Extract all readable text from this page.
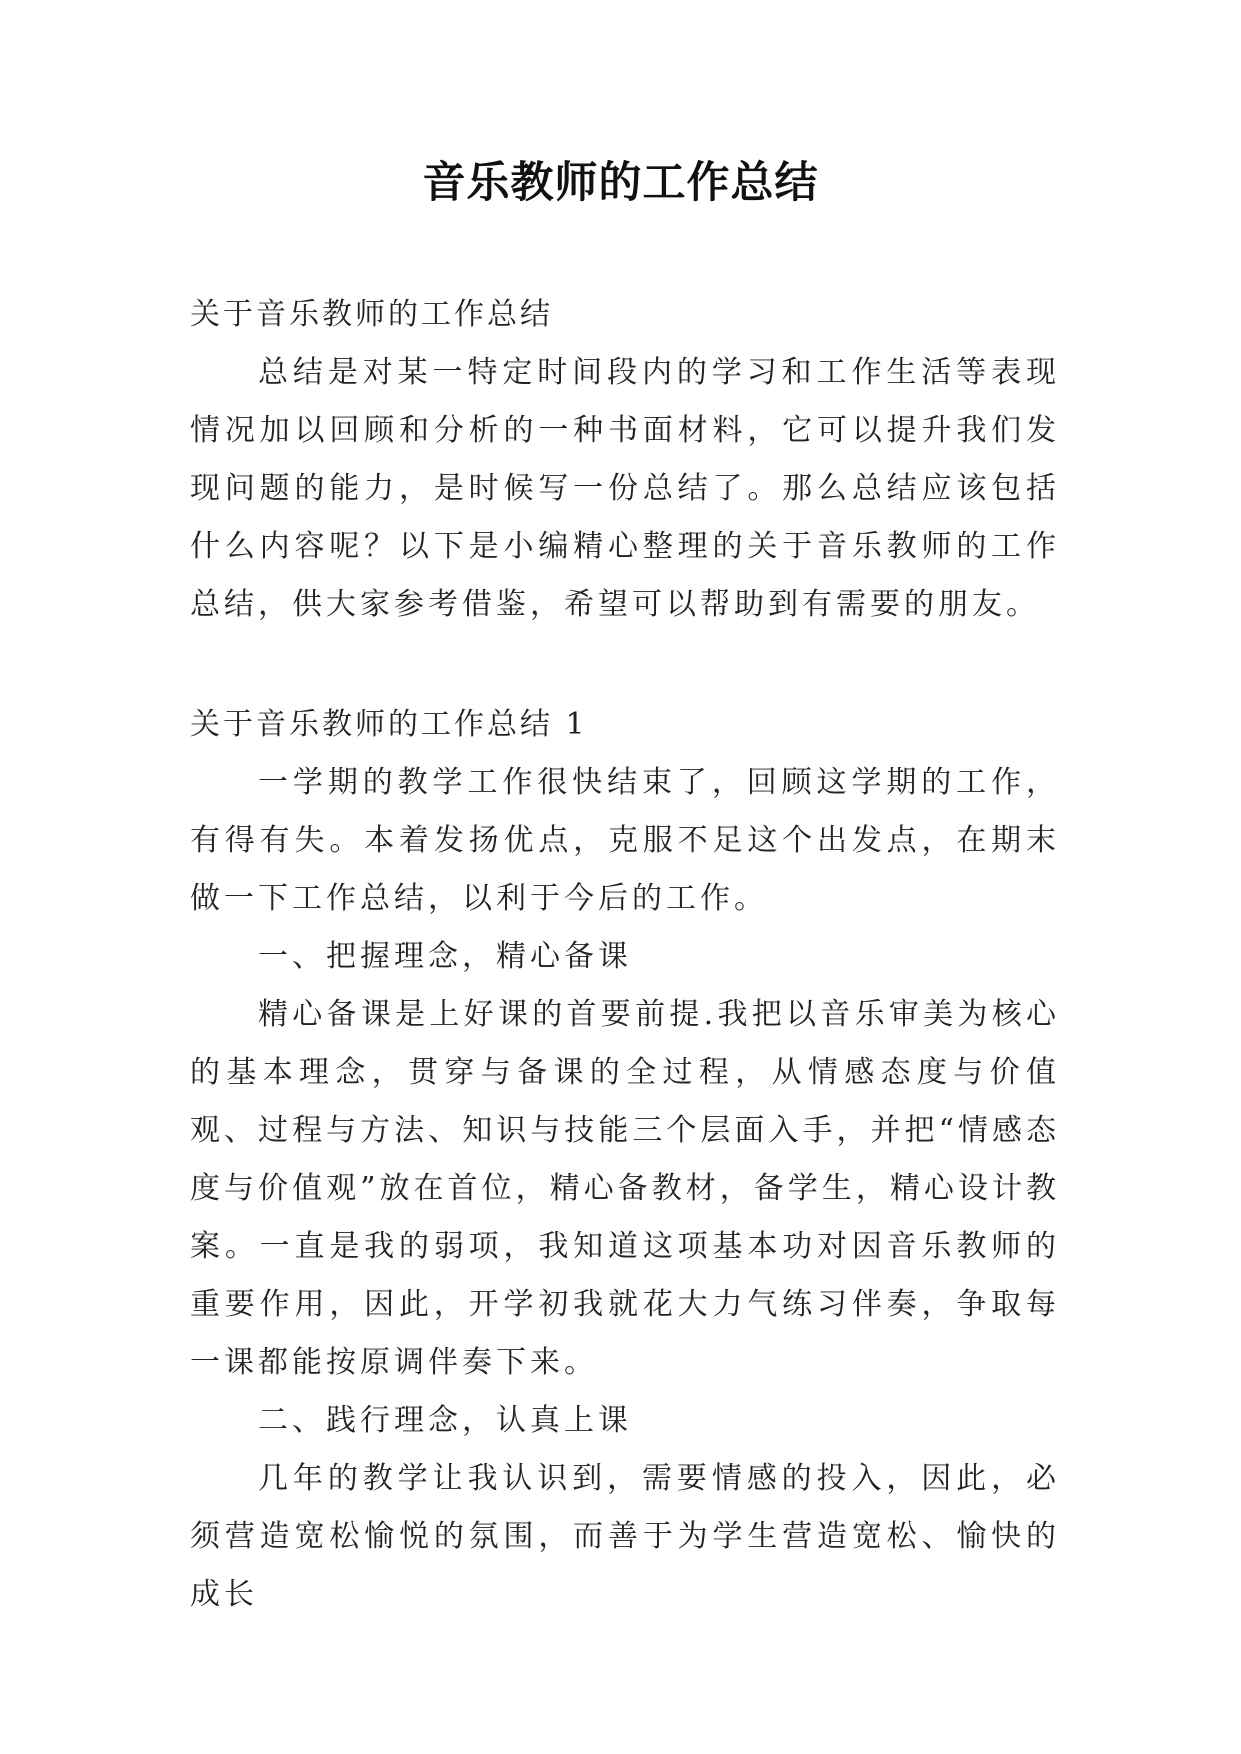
音乐教师的工作总结

关于音乐教师的工作总结

总结是对某一特定时间段内的学习和工作生活等表现情况加以回顾和分析的一种书面材料，它可以提升我们发现问题的能力，是时候写一份总结了。那么总结应该包括什么内容呢？以下是小编精心整理的关于音乐教师的工作总结，供大家参考借鉴，希望可以帮助到有需要的朋友。

关于音乐教师的工作总结 1

一学期的教学工作很快结束了，回顾这学期的工作，有得有失。本着发扬优点，克服不足这个出发点，在期末做一下工作总结，以利于今后的工作。

一、把握理念，精心备课

精心备课是上好课的首要前提.我把以音乐审美为核心的基本理念，贯穿与备课的全过程，从情感态度与价值观、过程与方法、知识与技能三个层面入手，并把“情感态度与价值观”放在首位，精心备教材，备学生，精心设计教案。一直是我的弱项，我知道这项基本功对因音乐教师的重要作用，因此，开学初我就花大力气练习伴奏，争取每一课都能按原调伴奏下来。

二、践行理念，认真上课

几年的教学让我认识到，需要情感的投入，因此，必须营造宽松愉悦的氛围，而善于为学生营造宽松、愉快的成长
